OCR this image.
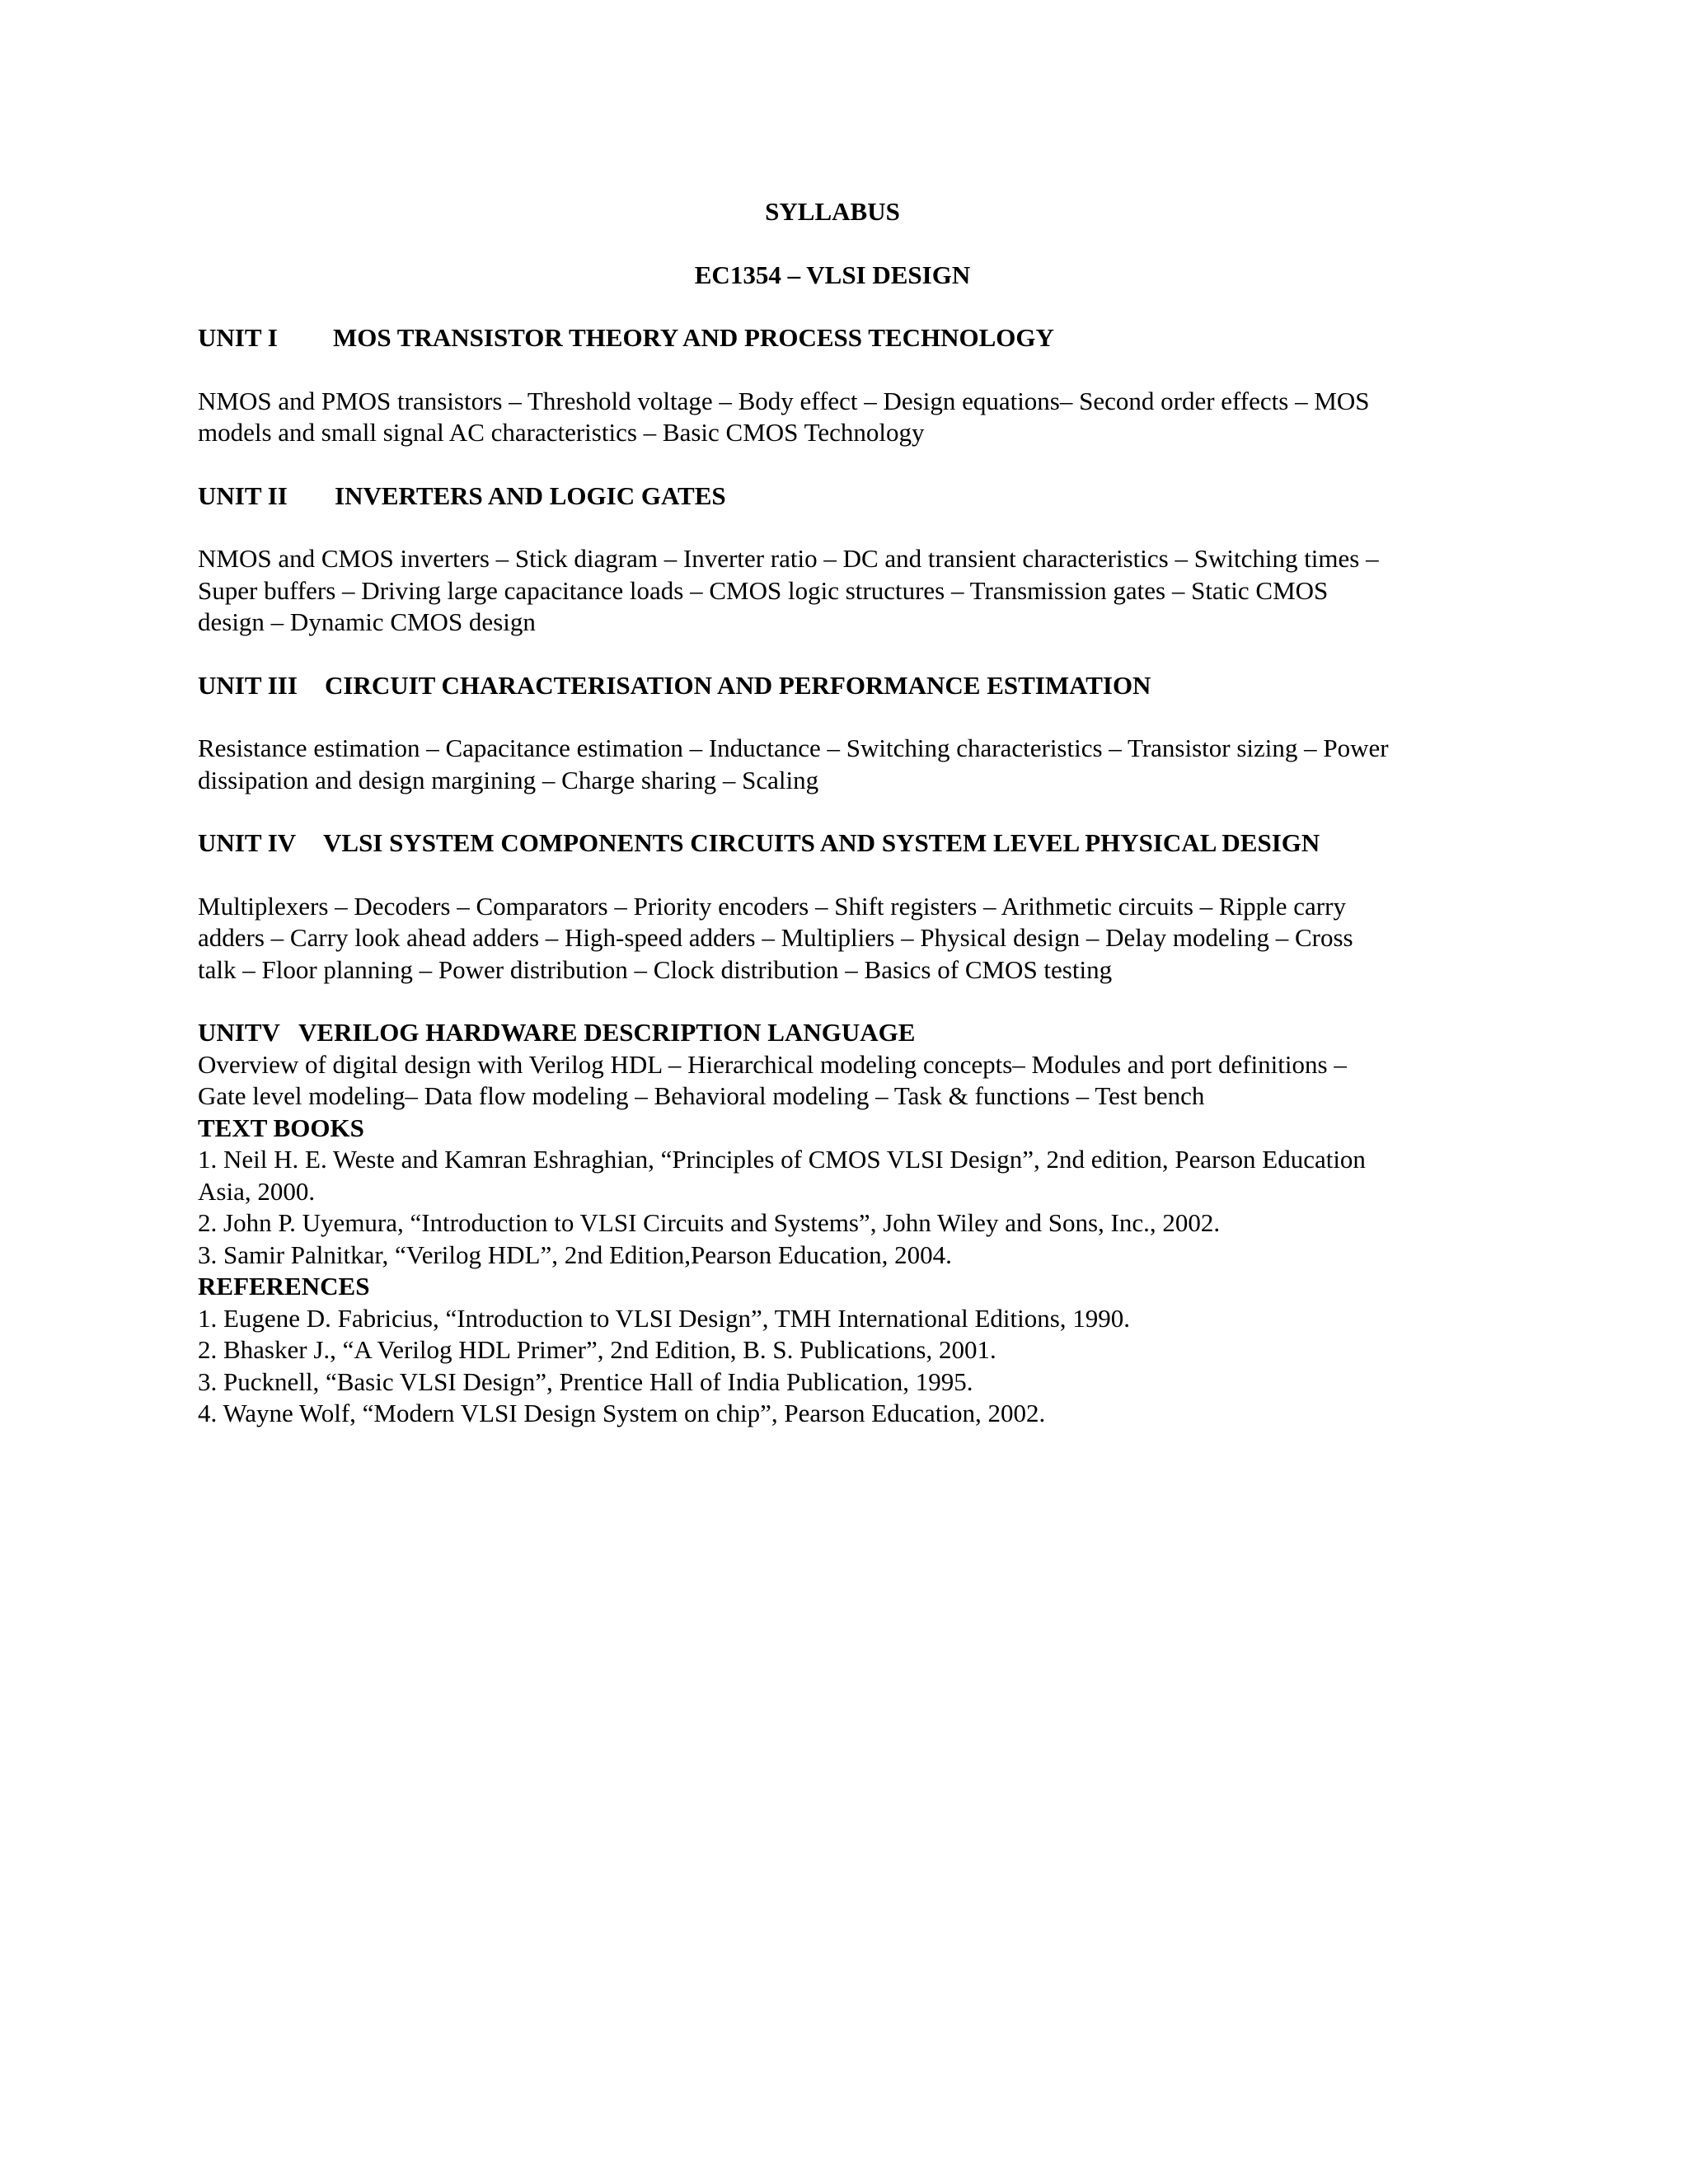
SYLLABUS

EC1354 – VLSI DESIGN

UNIT I MOS TRANSISTOR THEORY AND PROCESS TECHNOLOGY

NMOS and PMOS transistors – Threshold voltage – Body effect – Design equations– Second order effects – MOS
models and small signal AC characteristics – Basic CMOS Technology

UNIT II INVERTERS AND LOGIC GATES

NMOS and CMOS inverters – Stick diagram – Inverter ratio – DC and transient characteristics – Switching times –
Super buffers – Driving large capacitance loads – CMOS logic structures – Transmission gates – Static CMOS
design – Dynamic CMOS design

UNIT III CIRCUIT CHARACTERISATION AND PERFORMANCE ESTIMATION

Resistance estimation – Capacitance estimation – Inductance – Switching characteristics – Transistor sizing – Power
dissipation and design margining – Charge sharing – Scaling

UNIT IV VLSI SYSTEM COMPONENTS CIRCUITS AND SYSTEM LEVEL PHYSICAL DESIGN

Multiplexers – Decoders – Comparators – Priority encoders – Shift registers – Arithmetic circuits – Ripple carry
adders – Carry look ahead adders – High-speed adders – Multipliers – Physical design – Delay modeling – Cross
talk – Floor planning – Power distribution – Clock distribution – Basics of CMOS testing

UNITV VERILOG HARDWARE DESCRIPTION LANGUAGE

Overview of digital design with Verilog HDL – Hierarchical modeling concepts– Modules and port definitions –
Gate level modeling– Data flow modeling – Behavioral modeling – Task & functions – Test bench

TEXT BOOKS

1. Neil H. E. Weste and Kamran Eshraghian, “Principles of CMOS VLSI Design”, 2nd edition, Pearson Education
Asia, 2000.
2. John P. Uyemura, “Introduction to VLSI Circuits and Systems”, John Wiley and Sons, Inc., 2002.
3. Samir Palnitkar, “Verilog HDL”, 2nd Edition,Pearson Education, 2004.

REFERENCES

1. Eugene D. Fabricius, “Introduction to VLSI Design”, TMH International Editions, 1990.
2. Bhasker J., “A Verilog HDL Primer”, 2nd Edition, B. S. Publications, 2001.
3. Pucknell, “Basic VLSI Design”, Prentice Hall of India Publication, 1995.
4. Wayne Wolf, “Modern VLSI Design System on chip”, Pearson Education, 2002.
